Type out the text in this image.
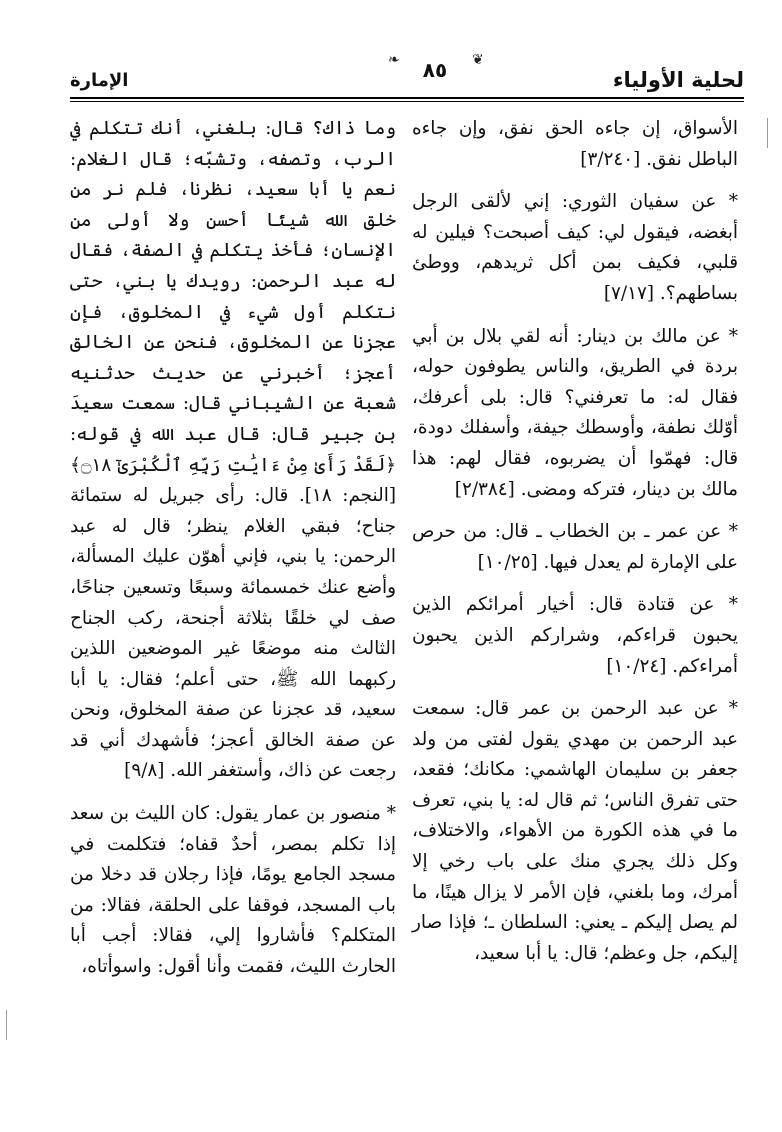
لحلية الأولياء
❦
٨٥
❧
الإمارة

الأسواق، إن جاءه الحق نفق، وإن جاءه الباطل نفق. [٣/٢٤٠]

* عن سفيان الثوري: إني لألقى الرجل أبغضه، فيقول لي: كيف أصبحت؟ فيلين له قلبي، فكيف بمن أكل ثريدهم، ووطئ بساطهم؟. [٧/١٧]

* عن مالك بن دينار: أنه لقي بلال بن أبي بردة في الطريق، والناس يطوفون حوله، فقال له: ما تعرفني؟ قال: بلى أعرفك، أوّلك نطفة، وأوسطك جيفة، وأسفلك دودة، قال: فهمّوا أن يضربوه، فقال لهم: هذا مالك بن دينار، فتركه ومضى. [٢/٣٨٤]

* عن عمر ـ بن الخطاب ـ قال: من حرص على الإمارة لم يعدل فيها. [١٠/٢٥]

* عن قتادة قال: أخيار أمرائكم الذين يحبون قراءكم، وشراركم الذين يحبون أمراءكم. [١٠/٢٤]

* عن عبد الرحمن بن عمر قال: سمعت عبد الرحمن بن مهدي يقول لفتى من ولد جعفر بن سليمان الهاشمي: مكانك؛ فقعد، حتى تفرق الناس؛ ثم قال له: يا بني، تعرف ما في هذه الكورة من الأهواء، والاختلاف، وكل ذلك يجري منك على باب رخي إلا أمرك، وما بلغني، فإن الأمر لا يزال هينًا، ما لم يصل إليكم ـ يعني: السلطان ـ؛ فإذا صار إليكم، جل وعظم؛ قال: يا أبا سعيد،

وما ذاك؟ قال: بلغني، أنك تتكلم في الرب، وتصفه، وتشبّه؛ قال الغلام: نعم يا أبا سعيد، نظرنا، فلم نر من خلق الله شيئًا أحسن ولا أولى من الإنسان؛ فأخذ يتكلم في الصفة، فقال له عبد الرحمن: رويدك يا بني، حتى نتكلم أول شيء في المخلوق، فإن عجزنا عن المخلوق، فنحن عن الخالق أعجز؛ أخبرني عن حديث حدثنيه شعبة عن الشيباني قال: سمعت سعيدَ بن جبير قال: قال عبد الله في قوله: ﴿لَقَدْ رَأَىٰ مِنْ ءَايَٰتِ رَبِّهِ ٱلْكُبْرَىٰٓ ۝١٨﴾ [النجم: ١٨]. قال: رأى جبريل له ستمائة جناح؛ فبقي الغلام ينظر؛ قال له عبد الرحمن: يا بني، فإني أهوّن عليك المسألة، وأضع عنك خمسمائة وسبعًا وتسعين جناحًا، صف لي خلقًا بثلاثة أجنحة، ركب الجناح الثالث منه موضعًا غير الموضعين اللذين ركبهما الله ﷺ، حتى أعلم؛ فقال: يا أبا سعيد، قد عجزنا عن صفة المخلوق، ونحن عن صفة الخالق أعجز؛ فأشهدك أني قد رجعت عن ذاك، وأستغفر الله. [٩/٨]

* منصور بن عمار يقول: كان الليث بن سعد إذا تكلم بمصر، أحدٌ قفاه؛ فتكلمت في مسجد الجامع يومًا، فإذا رجلان قد دخلا من باب المسجد، فوقفا على الحلقة، فقالا: من المتكلم؟ فأشاروا إلي، فقالا: أجب أبا الحارث الليث، فقمت وأنا أقول: واسوأتاه،
